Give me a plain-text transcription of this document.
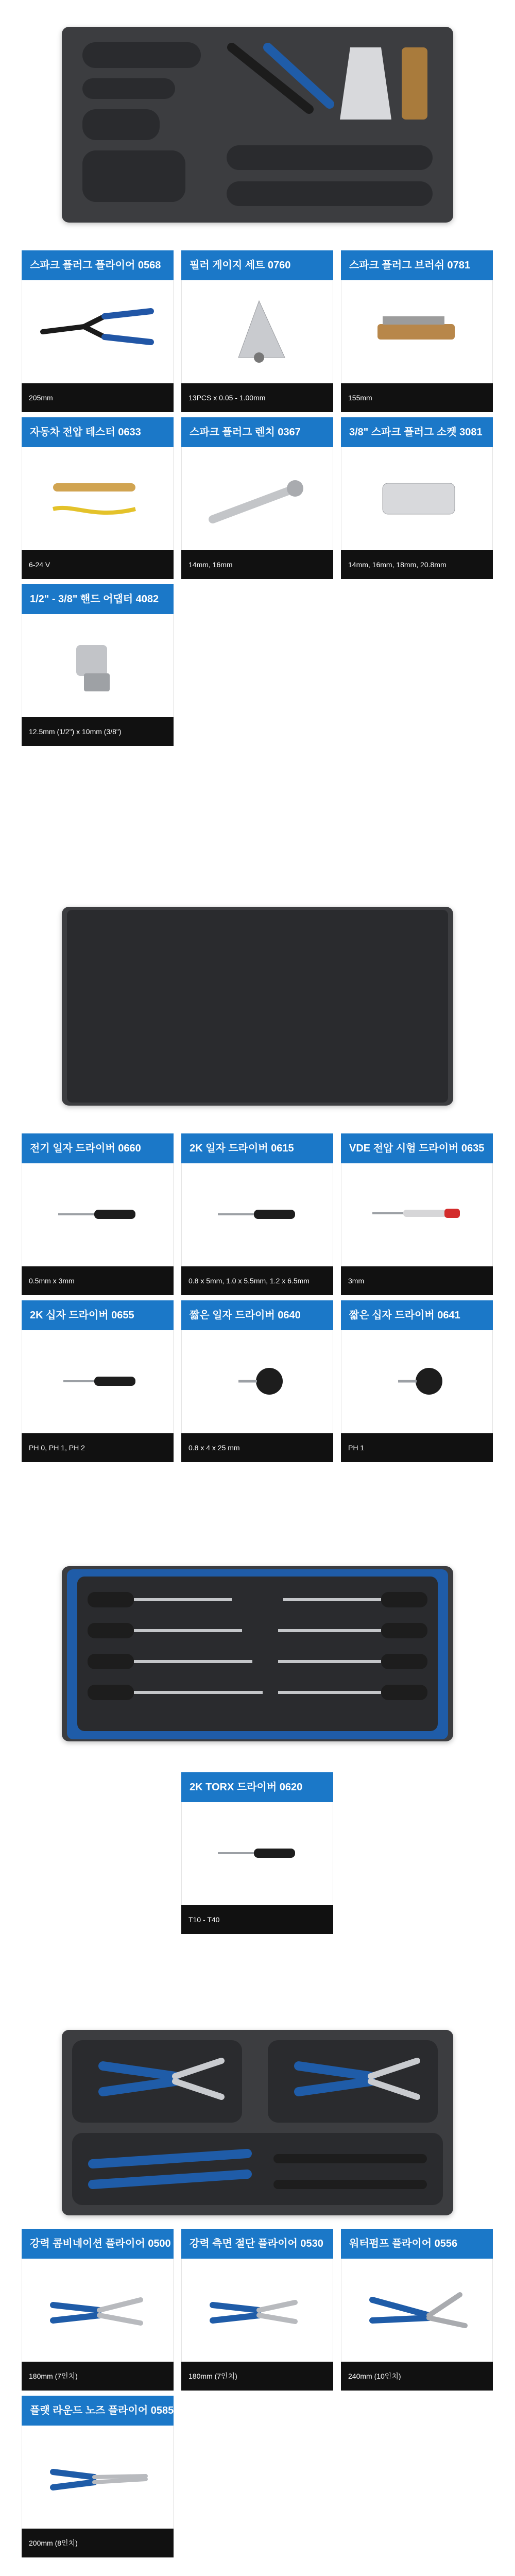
스파크 플러그 플라이어 0568
205mm
필러 게이지 세트 0760
13PCS x 0.05 - 1.00mm
스파크 플러그 브러쉬 0781
155mm
자동차 전압 테스터 0633
6-24 V
스파크 플러그 렌치 0367
14mm, 16mm
3/8" 스파크 플러그 소켓 3081
14mm, 16mm, 18mm, 20.8mm
1/2" - 3/8" 핸드 어댑터 4082
12.5mm (1/2") x 10mm (3/8")
전기 일자 드라이버 0660
0.5mm x 3mm
2K 일자 드라이버 0615
0.8 x 5mm, 1.0 x 5.5mm, 1.2 x 6.5mm
VDE 전압 시험 드라이버 0635
3mm
2K 십자 드라이버 0655
PH 0, PH 1, PH 2
짧은 일자 드라이버 0640
0.8 x 4 x 25 mm
짧은 십자 드라이버 0641
PH 1
2K TORX 드라이버 0620
T10 - T40
강력 콤비네이션 플라이어 0500
180mm (7인치)
강력 측면 절단 플라이어 0530
180mm (7인치)
워터펌프 플라이어 0556
240mm (10인치)
플랫 라운드 노즈 플라이어 0585
200mm (8인치)
